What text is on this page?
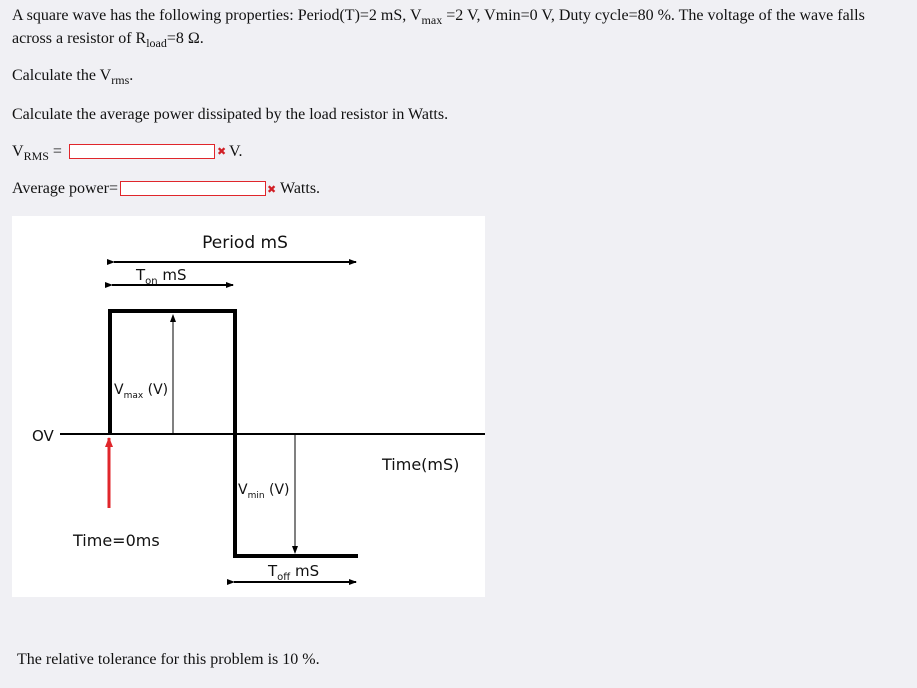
A square wave has the following properties: Period(T)=2 mS, $V_{max} =2$ V, Vmin=0 V, Duty cycle=80 %. The voltage of the wave falls
across a resistor of $R_{load}=8$ Ω.
Calculate the $V_{rms}$.
Calculate the average power dissipated by the load resistor in Watts.
$V_{RMS}$ =	✖ V.
Average power=	✖ Watts.
Period mS
$T_{on}$ mS
OV
$V_{max}$ (V)
Time(mS)
$V_{min}$ (V)
Time=0ms
$T_{off}$ mS
The relative tolerance for this problem is 10 %.
